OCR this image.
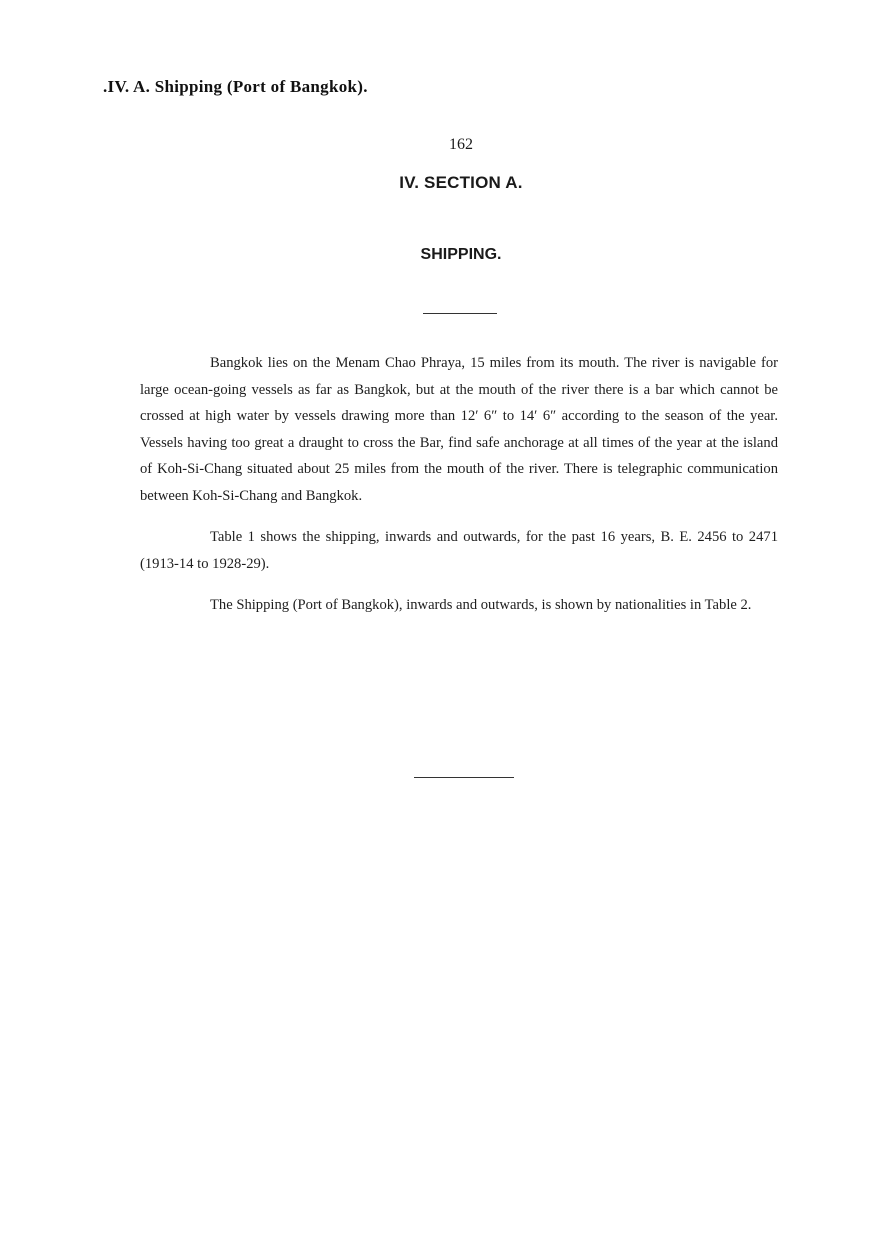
.IV. A. Shipping (Port of Bangkok).
162
IV. SECTION A.
SHIPPING.

Bangkok lies on the Menam Chao Phraya, 15 miles from its mouth. The river is navigable for large ocean-going vessels as far as Bangkok, but at the mouth of the river there is a bar which cannot be crossed at high water by vessels drawing more than 12′ 6″ to 14′ 6″ according to the season of the year. Vessels having too great a draught to cross the Bar, find safe anchorage at all times of the year at the island of Koh-Si-Chang situated about 25 miles from the mouth of the river. There is telegraphic communication between Koh-Si-Chang and Bangkok.

Table 1 shows the shipping, inwards and outwards, for the past 16 years, B. E. 2456 to 2471 (1913-14 to 1928-29).

The Shipping (Port of Bangkok), inwards and outwards, is shown by nationalities in Table 2.
